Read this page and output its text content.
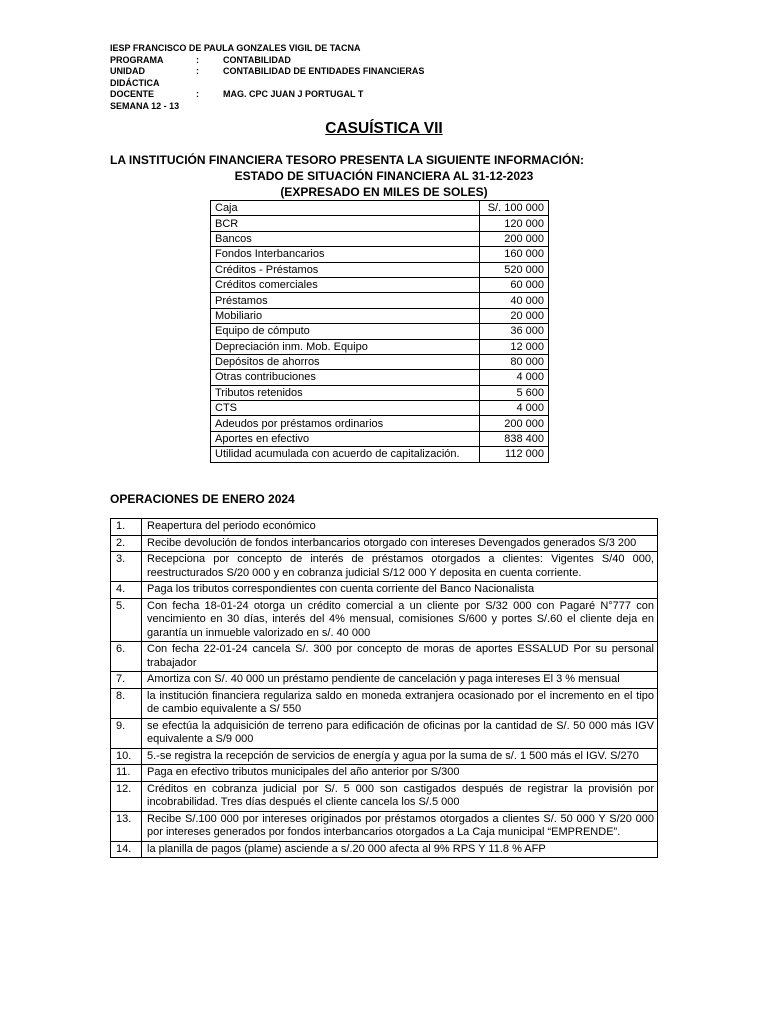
IESP FRANCISCO DE PAULA GONZALES VIGIL DE TACNA
PROGRAMA	:	CONTABILIDAD
UNIDAD DIDÁCTICA
:	CONTABILIDAD DE ENTIDADES FINANCIERAS
DOCENTE	:	MAG. CPC JUAN J PORTUGAL T
SEMANA 12 - 13
CASUÍSTICA VII
LA INSTITUCIÓN FINANCIERA TESORO PRESENTA LA SIGUIENTE INFORMACIÓN:
ESTADO DE SITUACIÓN FINANCIERA AL 31-12-2023
(EXPRESADO EN MILES DE SOLES)
Caja	S/. 100 000
BCR	120 000
Bancos	200 000
Fondos Interbancarios	160 000
Créditos - Préstamos	520 000
Créditos comerciales	60 000
Préstamos	40 000
Mobiliario	20 000
Equipo de cómputo	36 000
Depreciación inm. Mob. Equipo	12 000
Depósitos de ahorros	80 000
Otras contribuciones	4 000
Tributos retenidos	5 600
CTS	4 000
Adeudos por préstamos ordinarios	200 000
Aportes en efectivo	838 400
Utilidad acumulada con acuerdo de capitalización.	112 000
OPERACIONES DE ENERO 2024
1.	Reapertura del periodo económico
2.	Recibe devolución de fondos interbancarios otorgado con intereses Devengados generados S/3 200
3.	Recepciona por concepto de interés de préstamos otorgados a clientes: Vigentes S/40 000, reestructurados S/20 000 y en cobranza judicial S/12 000 Y deposita en cuenta corriente.
4.	Paga los tributos correspondientes con cuenta corriente del Banco Nacionalista
5.	Con fecha 18-01-24 otorga un crédito comercial a un cliente por S/32 000 con Pagaré N°777 con vencimiento en 30 días, interés del 4% mensual, comisiones S/600 y portes S/.60 el cliente deja en garantía un inmueble valorizado en s/. 40 000
6.	Con fecha 22-01-24 cancela S/. 300 por concepto de moras de aportes ESSALUD Por su personal trabajador
7.	Amortiza con S/. 40 000 un préstamo pendiente de cancelación y paga intereses El 3 % mensual
8.	la institución financiera regulariza saldo en moneda extranjera ocasionado por el incremento en el tipo de cambio equivalente a S/ 550
9.	se efectúa la adquisición de terreno para edificación de oficinas por la cantidad de S/. 50 000 más IGV equivalente a S/9 000
10.	5.-se registra la recepción de servicios de energía y agua por la suma de s/. 1 500 más el IGV. S/270
11.	Paga en efectivo tributos municipales del año anterior por S/300
12.	Créditos en cobranza judicial por S/. 5 000 son castigados después de registrar la provisión por incobrabilidad. Tres días después el cliente cancela los S/.5 000
13.	Recibe S/.100 000 por intereses originados por préstamos otorgados a clientes S/. 50 000 Y S/20 000 por intereses generados por fondos interbancarios otorgados a La Caja municipal “EMPRENDE”.
14.	la planilla de pagos (plame) asciende a s/.20 000 afecta al 9% RPS Y 11.8 % AFP
